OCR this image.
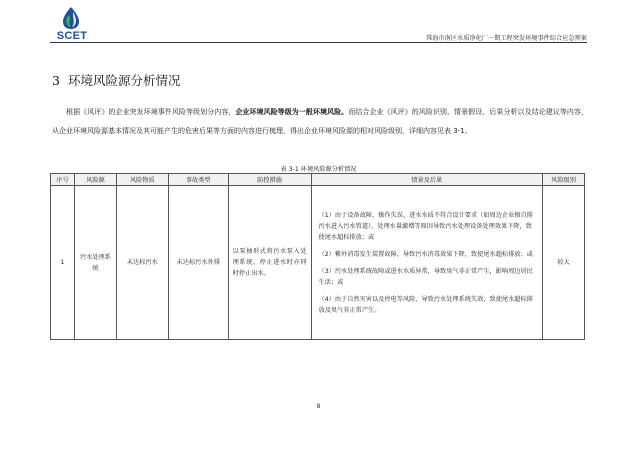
SCET	珠海市南区水质净化厂一期工程突发环境事件综合应急预案
3 环境风险源分析情况
根据《风评》的企业突发环境事件风险等级划分内容，企业环境风险等级为一般环境风险。而结合企业《风评》的风险识别、情景假设、后果分析以及结论建议等内容，从企业环境风险源基本情况及其可能产生的危害后果等方面的内容进行梳理，得出企业环境风险源的相对风险级别，详细内容见表 3-1。
表 3-1 环境风险源分析情况
序号	风险源	风险物质	事故类型	防控措施	情景及后果	风险级别
1	污水处理系统	未达标污水	未达标污水外排	以泵抽形式将污水泵入处理系统，停止进水时亦同时停止出水。	（1）由于设备故障、操作失误、进水水质不符合设计要求（如周边企业擅自排污水进入污水管道）、处理水量激增等原因导致污水处理设备处理效果下降，致使尾水超标排放；或

（2）紫外消毒发生装置故障，导致污水消毒效果下降，致使尾水超标排放；或

（3）污水处理系统故障或进水水质异常，导致臭气非正常产生，影响周边居民生活；或

（4）由于自然灾害以及停电等风险，导致污水处理系统失效，致使尾水超标排放及臭气非正常产生。	较大
8
